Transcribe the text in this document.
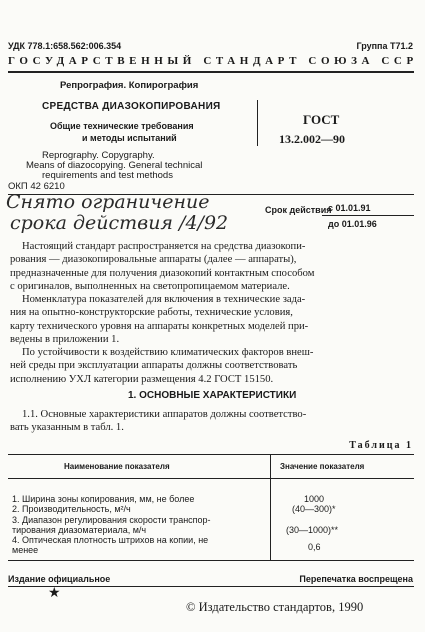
УДК 778.1:658.562:006.354	Группа Т71.2
ГОСУДАРСТВЕННЫЙ СТАНДАРТ СОЮЗА ССР
Репрография. Копирография
СРЕДСТВА ДИАЗОКОПИРОВАНИЯ
Общие технические требования
и методы испытаний
ГОСТ
13.2.002—90
Reprography. Copygraphy.
Means of diazocopying. General technical
requirements and test methods
ОКП 42 6210
Снято ограничение
срока действия /4/92
Срок действия
с 01.01.91
до 01.01.96
Настоящий стандарт распространяется на средства диазокопи-
рования — диазокопировальные аппараты (далее — аппараты),
предназначенные для получения диазокопий контактным способом
с оригиналов, выполненных на светопропицаемом материале.
Номенклатура показателей для включения в технические зада-
ния на опытно-конструкторские работы, технические условия,
карту технического уровня на аппараты конкретных моделей при-
ведены в приложении 1.
По устойчивости к воздействию климатических факторов внеш-
ней среды при эксплуатации аппараты должны соответствовать
исполнению УХЛ категории размещения 4.2 ГОСТ 15150.
1. ОСНОВНЫЕ ХАРАКТЕРИСТИКИ
1.1. Основные характеристики аппаратов должны соответство-
вать указанным в табл. 1.
Таблица 1
Наименование показателя	Значение показателя
1. Ширина зоны копирования, мм, не более	1000
2. Производительность, м²/ч	(40—300)*
3. Диапазон регулирования скорости транспор-
тирования диазоматериала, м/ч	(30—1000)**
4. Оптическая плотность штрихов на копии, не
менее	0,6
Издание официальное	Перепечатка воспрещена
★
© Издательство стандартов, 1990
